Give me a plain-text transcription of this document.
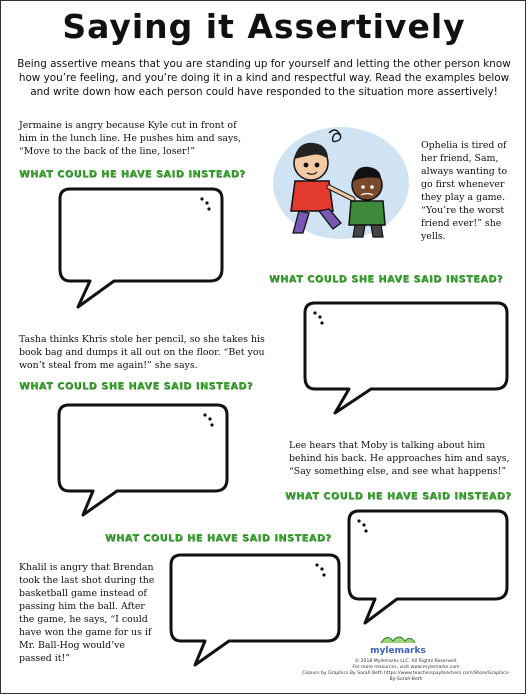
Saying it Assertively
Being assertive means that you are standing up for yourself and letting the other person know how you’re feeling, and you’re doing it in a kind and respectful way. Read the examples below and write down how each person could have responded to the situation more assertively!
Jermaine is angry because Kyle cut in front of him in the lunch line. He pushes him and says, “Move to the back of the line, loser!”
WHAT COULD HE HAVE SAID INSTEAD?
Ophelia is tired of her friend, Sam, always wanting to go first whenever they play a game. “You’re the worst friend ever!” she yells.
WHAT COULD SHE HAVE SAID INSTEAD?
Tasha thinks Khris stole her pencil, so she takes his book bag and dumps it all out on the floor. “Bet you won’t steal from me again!” she says.
WHAT COULD SHE HAVE SAID INSTEAD?
Lee hears that Moby is talking about him behind his back. He approaches him and says, “Say something else, and see what happens!”
WHAT COULD HE HAVE SAID INSTEAD?
WHAT COULD HE HAVE SAID INSTEAD?
Khalil is angry that Brendan took the last shot during the basketball game instead of passing him the ball. After the game, he says, “I could have won the game for us if Mr. Ball-Hog would’ve passed it!”
mylemarks
© 2018 Mylemarks LLC. All Rights Reserved.
For more resources, visit www.mylemarks.com
Colours by Graphics By Sarah Beth https://www.teacherspayteachers.com/Store/Graphics-By-Sarah-Beth
